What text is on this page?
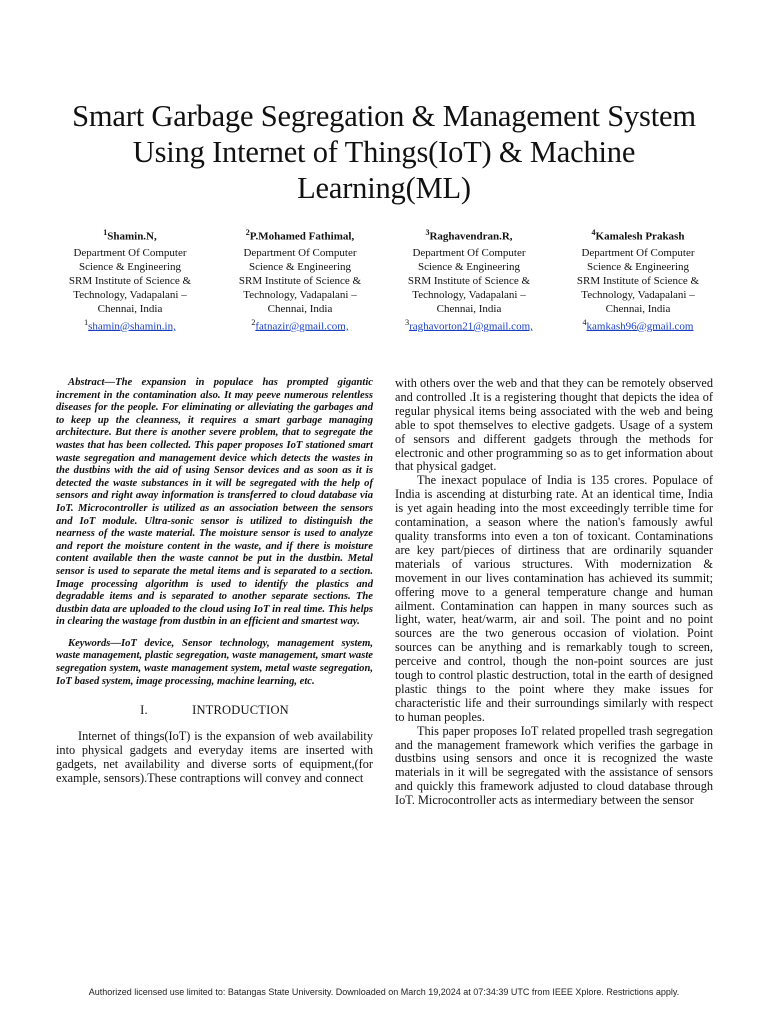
Smart Garbage Segregation & Management System
Using Internet of Things(IoT) & Machine
Learning(ML)
$^1$Shamin.N,
Department Of Computer
Science & Engineering
SRM Institute of Science &
Technology, Vadapalani –
Chennai, India
$^1$shamin@shamin.in,
$^2$P.Mohamed Fathimal,
Department Of Computer
Science & Engineering
SRM Institute of Science &
Technology, Vadapalani –
Chennai, India
$^2$fatnazir@gmail.com,
$^3$Raghavendran.R,
Department Of Computer
Science & Engineering
SRM Institute of Science &
Technology, Vadapalani –
Chennai, India
$^3$raghavorton21@gmail.com,
$^4$Kamalesh Prakash
Department Of Computer
Science & Engineering
SRM Institute of Science &
Technology, Vadapalani –
Chennai, India
$^4$kamkash96@gmail.com

Abstract—The expansion in populace has prompted gigantic increment in the contamination also. It may peeve numerous relentless diseases for the people. For eliminating or alleviating the garbages and to keep up the cleanness, it requires a smart garbage managing architecture. But there is another severe problem, that to segregate the wastes that has been collected. This paper proposes IoT stationed smart waste segregation and management device which detects the wastes in the dustbins with the aid of using Sensor devices and as soon as it is detected the waste substances in it will be segregated with the help of sensors and right away information is transferred to cloud database via IoT. Microcontroller is utilized as an association between the sensors and IoT module. Ultra-sonic sensor is utilized to distinguish the nearness of the waste material. The moisture sensor is used to analyze and report the moisture content in the waste, and if there is moisture content available then the waste cannot be put in the dustbin. Metal sensor is used to separate the metal items and is separated to a section. Image processing algorithm is used to identify the plastics and degradable items and is separated to another separate sections. The dustbin data are uploaded to the cloud using IoT in real time. This helps in clearing the wastage from dustbin in an efficient and smartest way.

Keywords—IoT device, Sensor technology, management system, waste management, plastic segregation, waste management, smart waste segregation system, waste management system, metal waste segregation, IoT based system, image processing, machine learning, etc.

I.	INTRODUCTION

Internet of things(IoT) is the expansion of web availability into physical gadgets and everyday items are inserted with gadgets, net availability and diverse sorts of equipment,(for example, sensors).These contraptions will convey and connect

with others over the web and that they can be remotely observed and controlled .It is a registering thought that depicts the idea of regular physical items being associated with the web and being able to spot themselves to elective gadgets. Usage of a system of sensors and different gadgets through the methods for electronic and other programming so as to get information about that physical gadget.

The inexact populace of India is 135 crores. Populace of India is ascending at disturbing rate. At an identical time, India is yet again heading into the most exceedingly terrible time for contamination, a season where the nation's famously awful quality transforms into even a ton of toxicant. Contaminations are key part/pieces of dirtiness that are ordinarily squander materials of various structures. With modernization & movement in our lives contamination has achieved its summit; offering move to a general temperature change and human ailment. Contamination can happen in many sources such as light, water, heat/warm, air and soil. The point and no point sources are the two generous occasion of violation. Point sources can be anything and is remarkably tough to screen, perceive and control, though the non-point sources are just tough to control plastic destruction, total in the earth of designed plastic things to the point where they make issues for characteristic life and their surroundings similarly with respect to human peoples.

This paper proposes IoT related propelled trash segregation and the management framework which verifies the garbage in dustbins using sensors and once it is recognized the waste materials in it will be segregated with the assistance of sensors and quickly this framework adjusted to cloud database through IoT. Microcontroller acts as intermediary between the sensor

Authorized licensed use limited to: Batangas State University. Downloaded on March 19,2024 at 07:34:39 UTC from IEEE Xplore. Restrictions apply.
